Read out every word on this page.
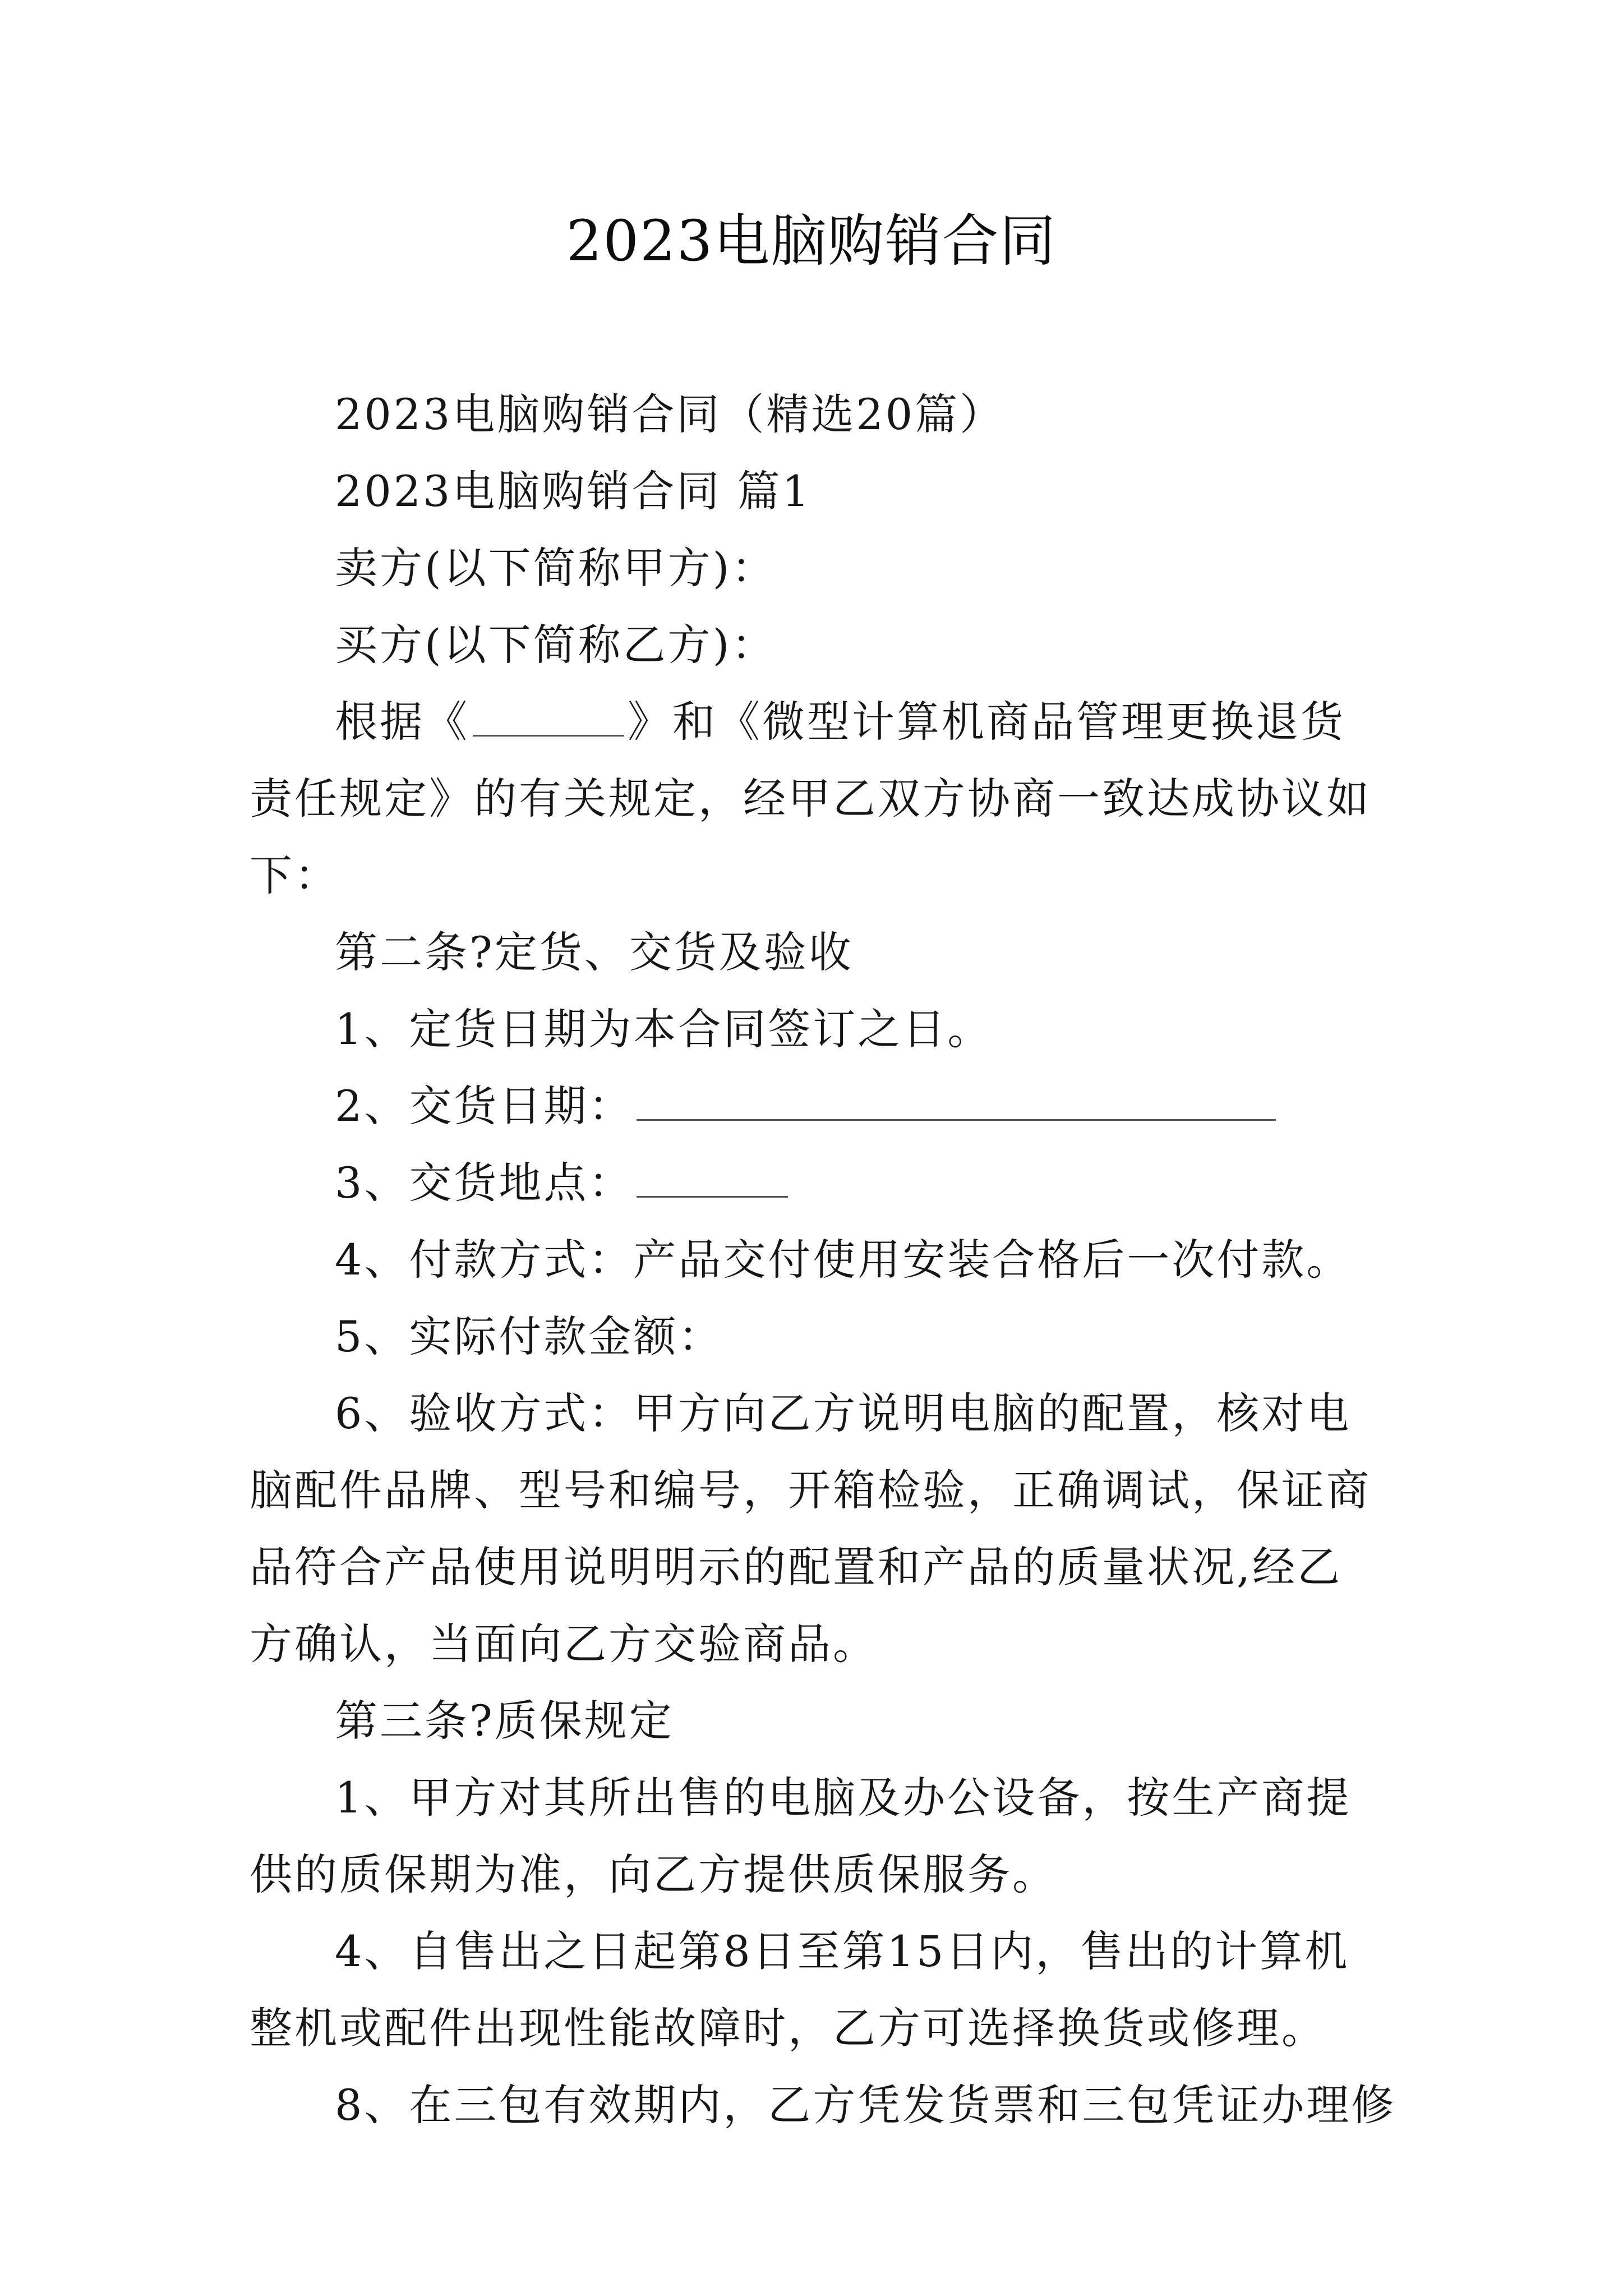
2023电脑购销合同

2023电脑购销合同（精选20篇）

2023电脑购销合同 篇1

卖方(以下简称甲方)：

买方(以下简称乙方)：

根据《	》和《微型计算机商品管理更换退货责任规定》的有关规定，经甲乙双方协商一致达成协议如下：

第二条?定货、交货及验收

1、定货日期为本合同签订之日。

2、交货日期：

3、交货地点：

4、付款方式：产品交付使用安装合格后一次付款。

5、实际付款金额：

6、验收方式：甲方向乙方说明电脑的配置，核对电脑配件品牌、型号和编号，开箱检验，正确调试，保证商品符合产品使用说明明示的配置和产品的质量状况,经乙方确认，当面向乙方交验商品。

第三条?质保规定

1、甲方对其所出售的电脑及办公设备，按生产商提供的质保期为准，向乙方提供质保服务。

4、自售出之日起第8日至第15日内，售出的计算机整机或配件出现性能故障时，乙方可选择换货或修理。

8、在三包有效期内，乙方凭发货票和三包凭证办理修
